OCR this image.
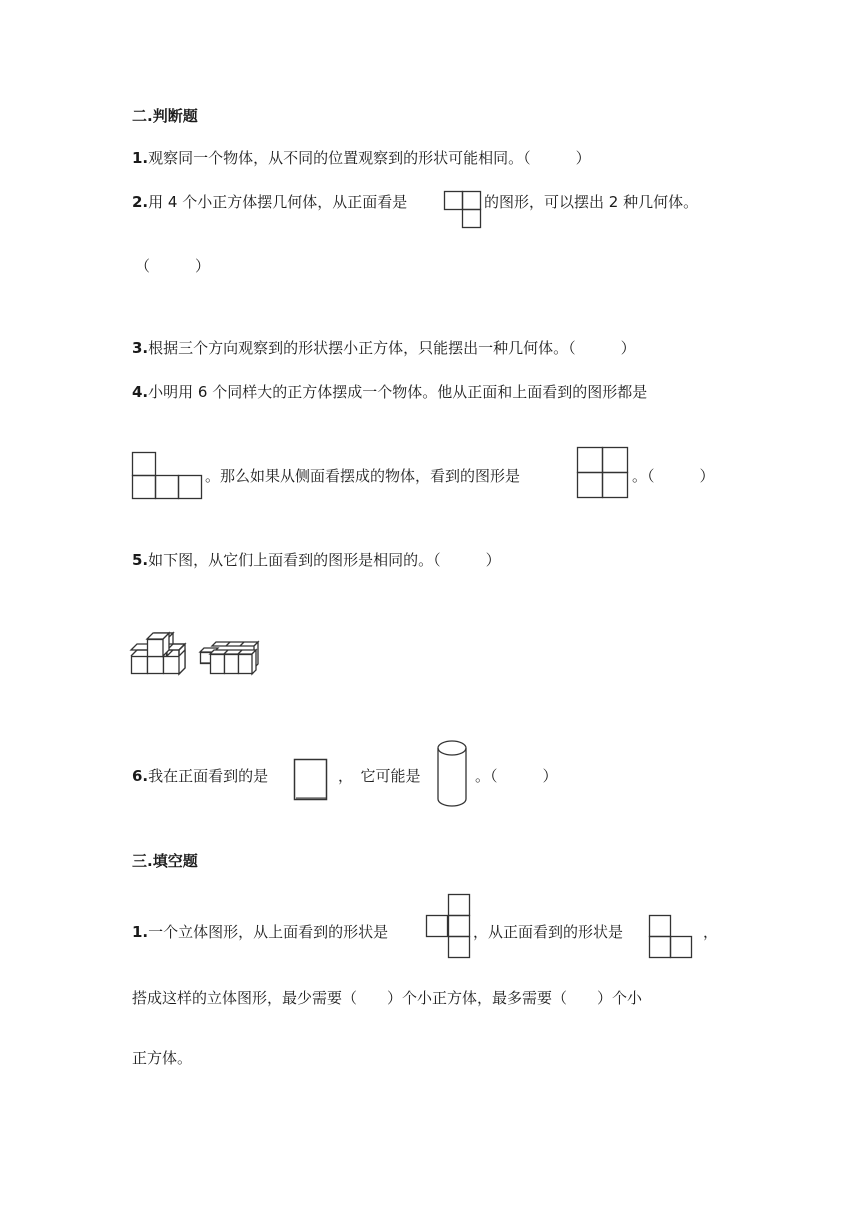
二.判断题
1.观察同一个物体，从不同的位置观察到的形状可能相同。（　　　）
2.用 4 个小正方体摆几何体，从正面看是	的图形，可以摆出 2 种几何体。
（　　　）
3.根据三个方向观察到的形状摆小正方体，只能摆出一种几何体。（　　　）
4.小明用 6 个同样大的正方体摆成一个物体。他从正面和上面看到的图形都是
。那么如果从侧面看摆成的物体，看到的图形是	。（　　　）
5.如下图，从它们上面看到的图形是相同的。（　　　）
6.我在正面看到的是	，　它可能是	。（　　　）
三.填空题
1.一个立体图形，从上面看到的形状是	，从正面看到的形状是	，
搭成这样的立体图形，最少需要（　　）个小正方体，最多需要（　　）个小
正方体。
